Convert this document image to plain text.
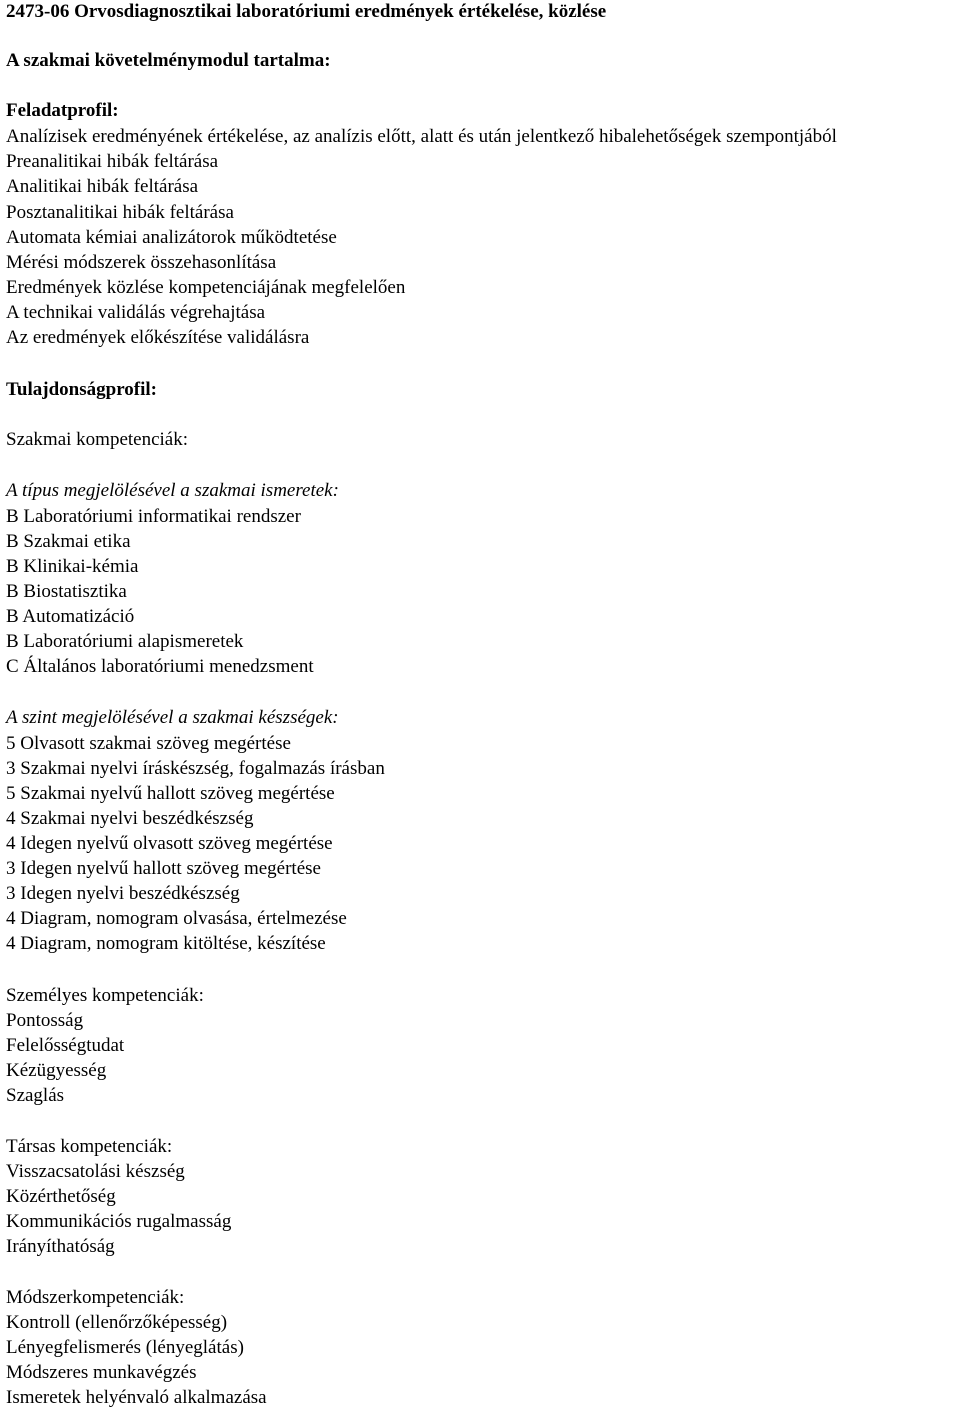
2473-06 Orvosdiagnosztikai laboratóriumi eredmények értékelése, közlése
A szakmai követelménymodul tartalma:
Feladatprofil:
Analízisek eredményének értékelése, az analízis előtt, alatt és után jelentkező hibalehetőségek szempontjából
Preanalitikai hibák feltárása
Analitikai hibák feltárása
Posztanalitikai hibák feltárása
Automata kémiai analizátorok működtetése
Mérési módszerek összehasonlítása
Eredmények közlése kompetenciájának megfelelően
A technikai validálás végrehajtása
Az eredmények előkészítése validálásra
Tulajdonságprofil:
Szakmai kompetenciák:
A típus megjelölésével a szakmai ismeretek:
B Laboratóriumi informatikai rendszer
B Szakmai etika
B Klinikai-kémia
B Biostatisztika
B Automatizáció
B Laboratóriumi alapismeretek
C Általános laboratóriumi menedzsment
A szint megjelölésével a szakmai készségek:
5 Olvasott szakmai szöveg megértése
3 Szakmai nyelvi íráskészség, fogalmazás írásban
5 Szakmai nyelvű hallott szöveg megértése
4 Szakmai nyelvi beszédkészség
4 Idegen nyelvű olvasott szöveg megértése
3 Idegen nyelvű hallott szöveg megértése
3 Idegen nyelvi beszédkészség
4 Diagram, nomogram olvasása, értelmezése
4 Diagram, nomogram kitöltése, készítése
Személyes kompetenciák:
Pontosság
Felelősségtudat
Kézügyesség
Szaglás
Társas kompetenciák:
Visszacsatolási készség
Közérthetőség
Kommunikációs rugalmasság
Irányíthatóság
Módszerkompetenciák:
Kontroll (ellenőrzőképesség)
Lényegfelismerés (lényeglátás)
Módszeres munkavégzés
Ismeretek helyénvaló alkalmazása
